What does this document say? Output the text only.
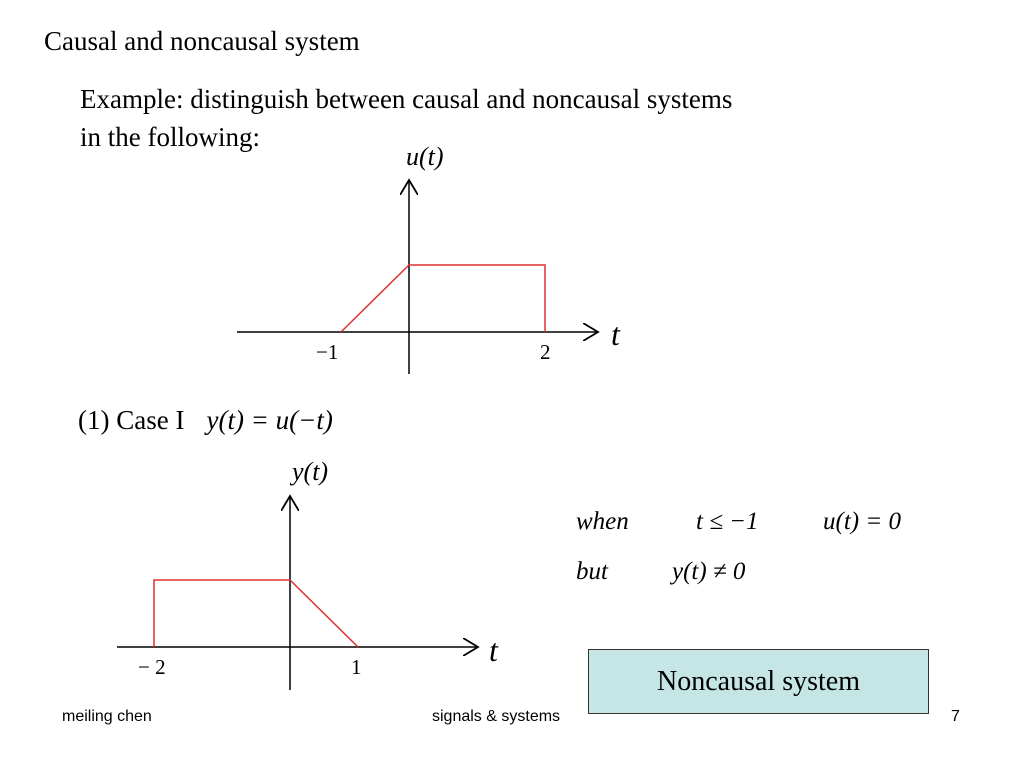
Causal and noncausal system
Example: distinguish between causal and noncausal systems
in the following:
u(t)
t
−1	2
(1) Case I y(t) = u(−t)
y(t)
t
− 2	1
when	t ≤ −1	u(t) = 0
but	y(t) ≠ 0
Noncausal system
meiling chen	signals & systems	7
